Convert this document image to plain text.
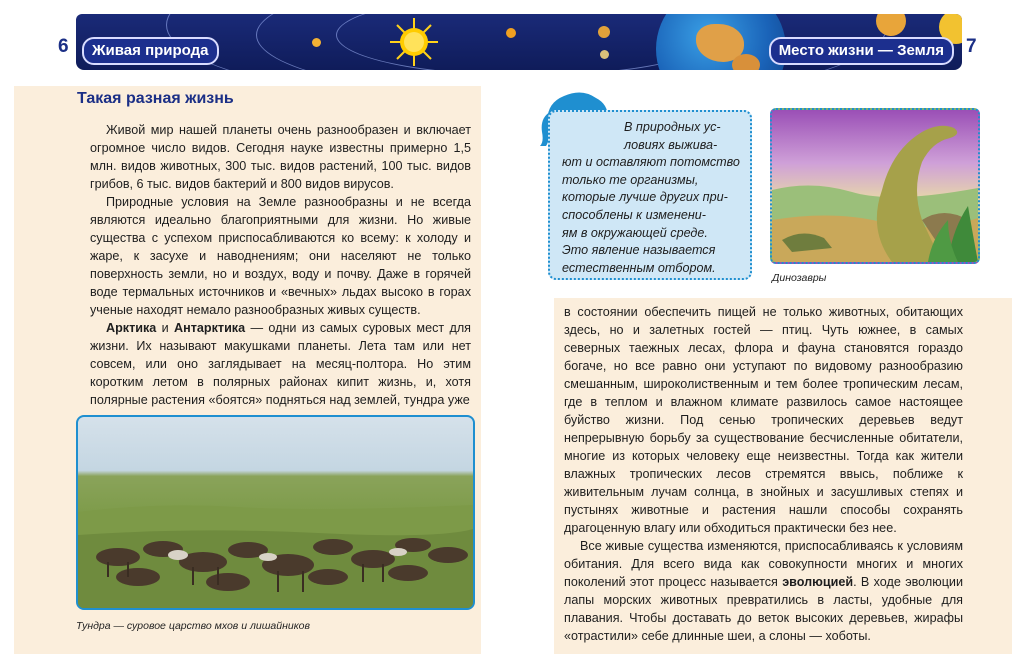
6	7
Живая природа	Место жизни — Земля
Такая разная жизнь

Живой мир нашей планеты очень разнообразен и включает огромное число видов. Сегодня науке известны примерно 1,5 млн. видов животных, 300 тыс. видов растений, 100 тыс. видов грибов, 6 тыс. видов бактерий и 800 видов вирусов.

Природные условия на Земле разнообразны и не всегда являются идеально благоприятными для жизни. Но живые существа с успехом приспосабливаются ко всему: к холоду и жаре, к засухе и наводнениям; они населяют не только поверхность земли, но и воздух, воду и почву. Даже в горячей воде термальных источников и «вечных» льдах высоко в горах ученые находят немало разнообразных живых существ.

Арктика и Антарктика — одни из самых суровых мест для жизни. Их называют макушками планеты. Лета там или нет совсем, или оно заглядывает на месяц-полтора. Но этим коротким летом в полярных районах кипит жизнь, и, хотя полярные растения «боятся» подняться над землей, тундра уже

Тундра — суровое царство мхов и лишайников
В природных ус-
ловиях выжива-
ют и оставляют потомство
только те организмы,
которые лучше других при-
способлены к изменени-
ям в окружающей среде.
Это явление называется
естественным отбором.
Динозавры

в состоянии обеспечить пищей не только животных, обитающих здесь, но и залетных гостей — птиц. Чуть южнее, в самых северных таежных лесах, флора и фауна становятся гораздо богаче, но все равно они уступают по видовому разнообразию смешанным, широколиственным и тем более тропическим лесам, где в теплом и влажном климате развилось самое настоящее буйство жизни. Под сенью тропических деревьев ведут непрерывную борьбу за существование бесчисленные обитатели, многие из которых человеку еще неизвестны. Тогда как жители влажных тропических лесов стремятся ввысь, поближе к живительным лучам солнца, в знойных и засушливых степях и пустынях животные и растения нашли способы сохранять драгоценную влагу или обходиться практически без нее.

Все живые существа изменяются, приспосабливаясь к условиям обитания. Для всего вида как совокупности многих и многих поколений этот процесс называется эволюцией. В ходе эволюции лапы морских животных превратились в ласты, удобные для плавания. Чтобы доставать до веток высоких деревьев, жирафы «отрастили» себе длинные шеи, а слоны — хоботы.
